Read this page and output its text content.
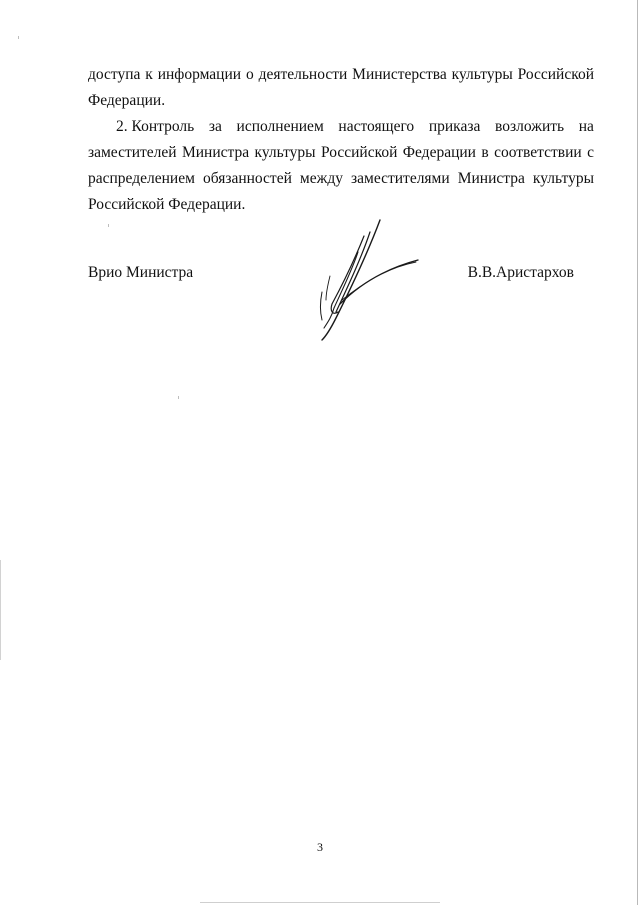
доступа к информации о деятельности Министерства культуры Российской
Федерации.
2. Контроль за исполнением настоящего приказа возложить на
заместителей Министра культуры Российской Федерации в соответствии с
распределением обязанностей между заместителями Министра культуры
Российской Федерации.
Врио Министра	В.В.Аристархов
3
